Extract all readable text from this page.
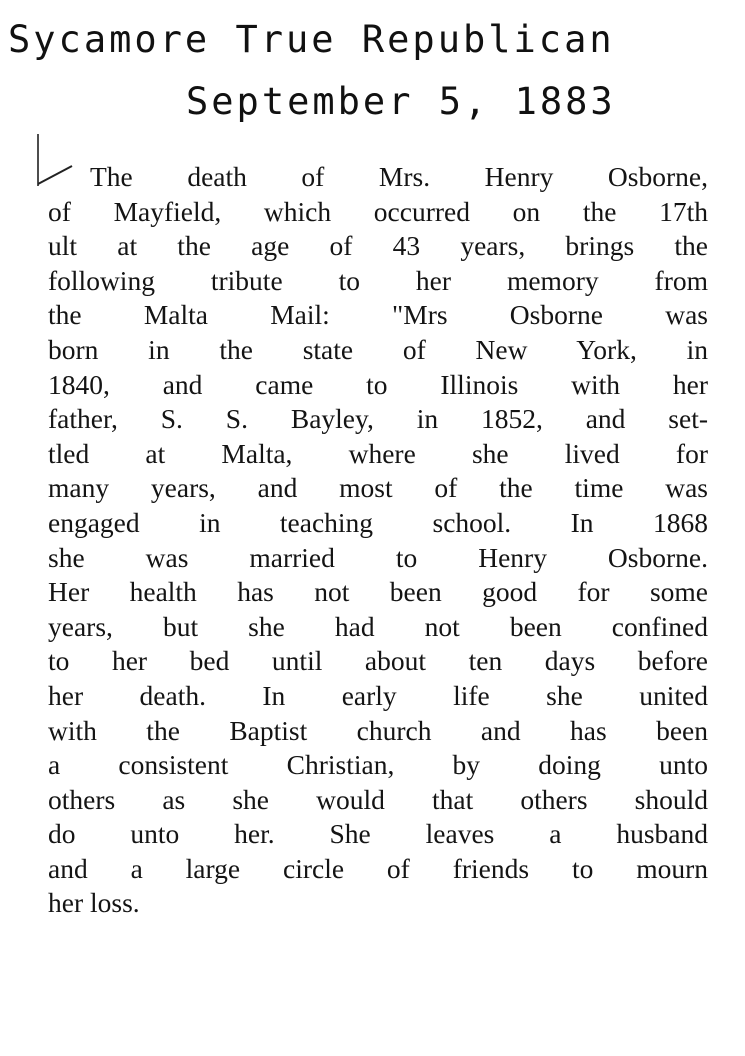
Sycamore True Republican

September 5, 1883

The death of Mrs. Henry Osborne,
of Mayfield, which occurred on the 17th
ult at the age of 43 years, brings the
following tribute to her memory from
the Malta Mail: "Mrs Osborne was
born in the state of New York, in
1840, and came to Illinois with her
father, S. S. Bayley, in 1852, and set-
tled at Malta, where she lived for
many years, and most of the time was
engaged in teaching school. In 1868
she was married to Henry Osborne.
Her health has not been good for some
years, but she had not been confined
to her bed until about ten days before
her death. In early life she united
with the Baptist church and has been
a consistent Christian, by doing unto
others as she would that others should
do unto her. She leaves a husband
and a large circle of friends to mourn
her loss.
